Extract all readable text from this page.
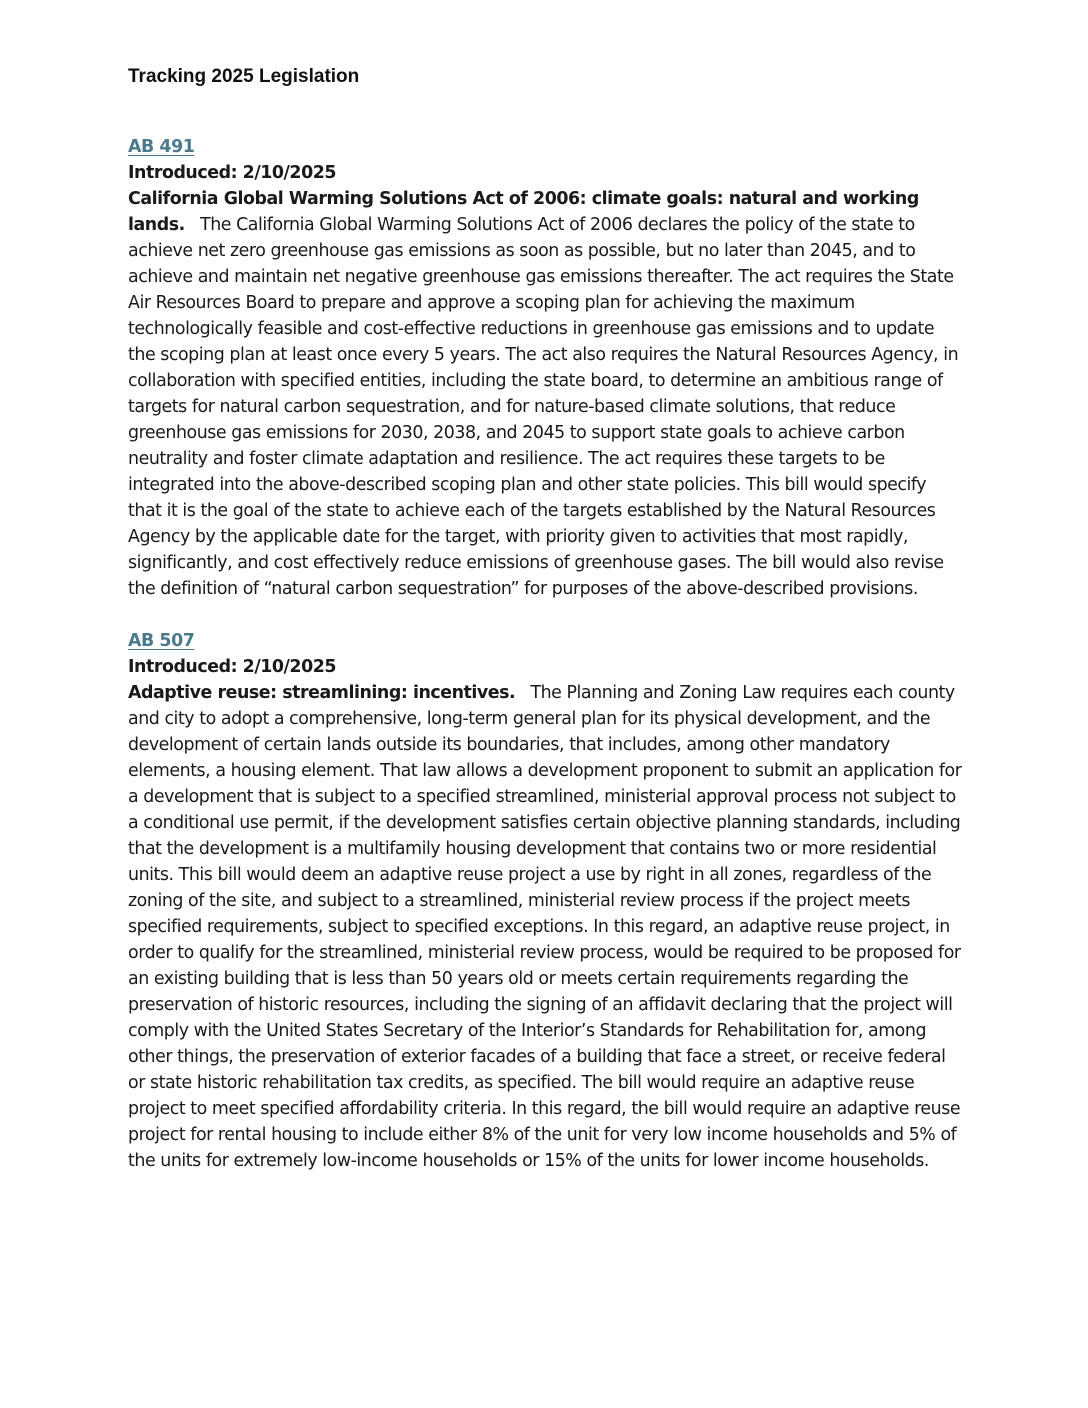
Tracking 2025 Legislation
AB 491
Introduced: 2/10/2025

California Global Warming Solutions Act of 2006: climate goals: natural and working lands. The California Global Warming Solutions Act of 2006 declares the policy of the state to achieve net zero greenhouse gas emissions as soon as possible, but no later than 2045, and to achieve and maintain net negative greenhouse gas emissions thereafter. The act requires the State Air Resources Board to prepare and approve a scoping plan for achieving the maximum technologically feasible and cost-effective reductions in greenhouse gas emissions and to update the scoping plan at least once every 5 years. The act also requires the Natural Resources Agency, in collaboration with specified entities, including the state board, to determine an ambitious range of targets for natural carbon sequestration, and for nature-based climate solutions, that reduce greenhouse gas emissions for 2030, 2038, and 2045 to support state goals to achieve carbon neutrality and foster climate adaptation and resilience. The act requires these targets to be integrated into the above-described scoping plan and other state policies. This bill would specify that it is the goal of the state to achieve each of the targets established by the Natural Resources Agency by the applicable date for the target, with priority given to activities that most rapidly, significantly, and cost effectively reduce emissions of greenhouse gases. The bill would also revise the definition of “natural carbon sequestration” for purposes of the above-described provisions.

AB 507
Introduced: 2/10/2025

Adaptive reuse: streamlining: incentives. The Planning and Zoning Law requires each county and city to adopt a comprehensive, long-term general plan for its physical development, and the development of certain lands outside its boundaries, that includes, among other mandatory elements, a housing element. That law allows a development proponent to submit an application for a development that is subject to a specified streamlined, ministerial approval process not subject to a conditional use permit, if the development satisfies certain objective planning standards, including that the development is a multifamily housing development that contains two or more residential units. This bill would deem an adaptive reuse project a use by right in all zones, regardless of the zoning of the site, and subject to a streamlined, ministerial review process if the project meets specified requirements, subject to specified exceptions. In this regard, an adaptive reuse project, in order to qualify for the streamlined, ministerial review process, would be required to be proposed for an existing building that is less than 50 years old or meets certain requirements regarding the preservation of historic resources, including the signing of an affidavit declaring that the project will comply with the United States Secretary of the Interior’s Standards for Rehabilitation for, among other things, the preservation of exterior facades of a building that face a street, or receive federal or state historic rehabilitation tax credits, as specified. The bill would require an adaptive reuse project to meet specified affordability criteria. In this regard, the bill would require an adaptive reuse project for rental housing to include either 8% of the unit for very low income households and 5% of the units for extremely low-income households or 15% of the units for lower income households.
